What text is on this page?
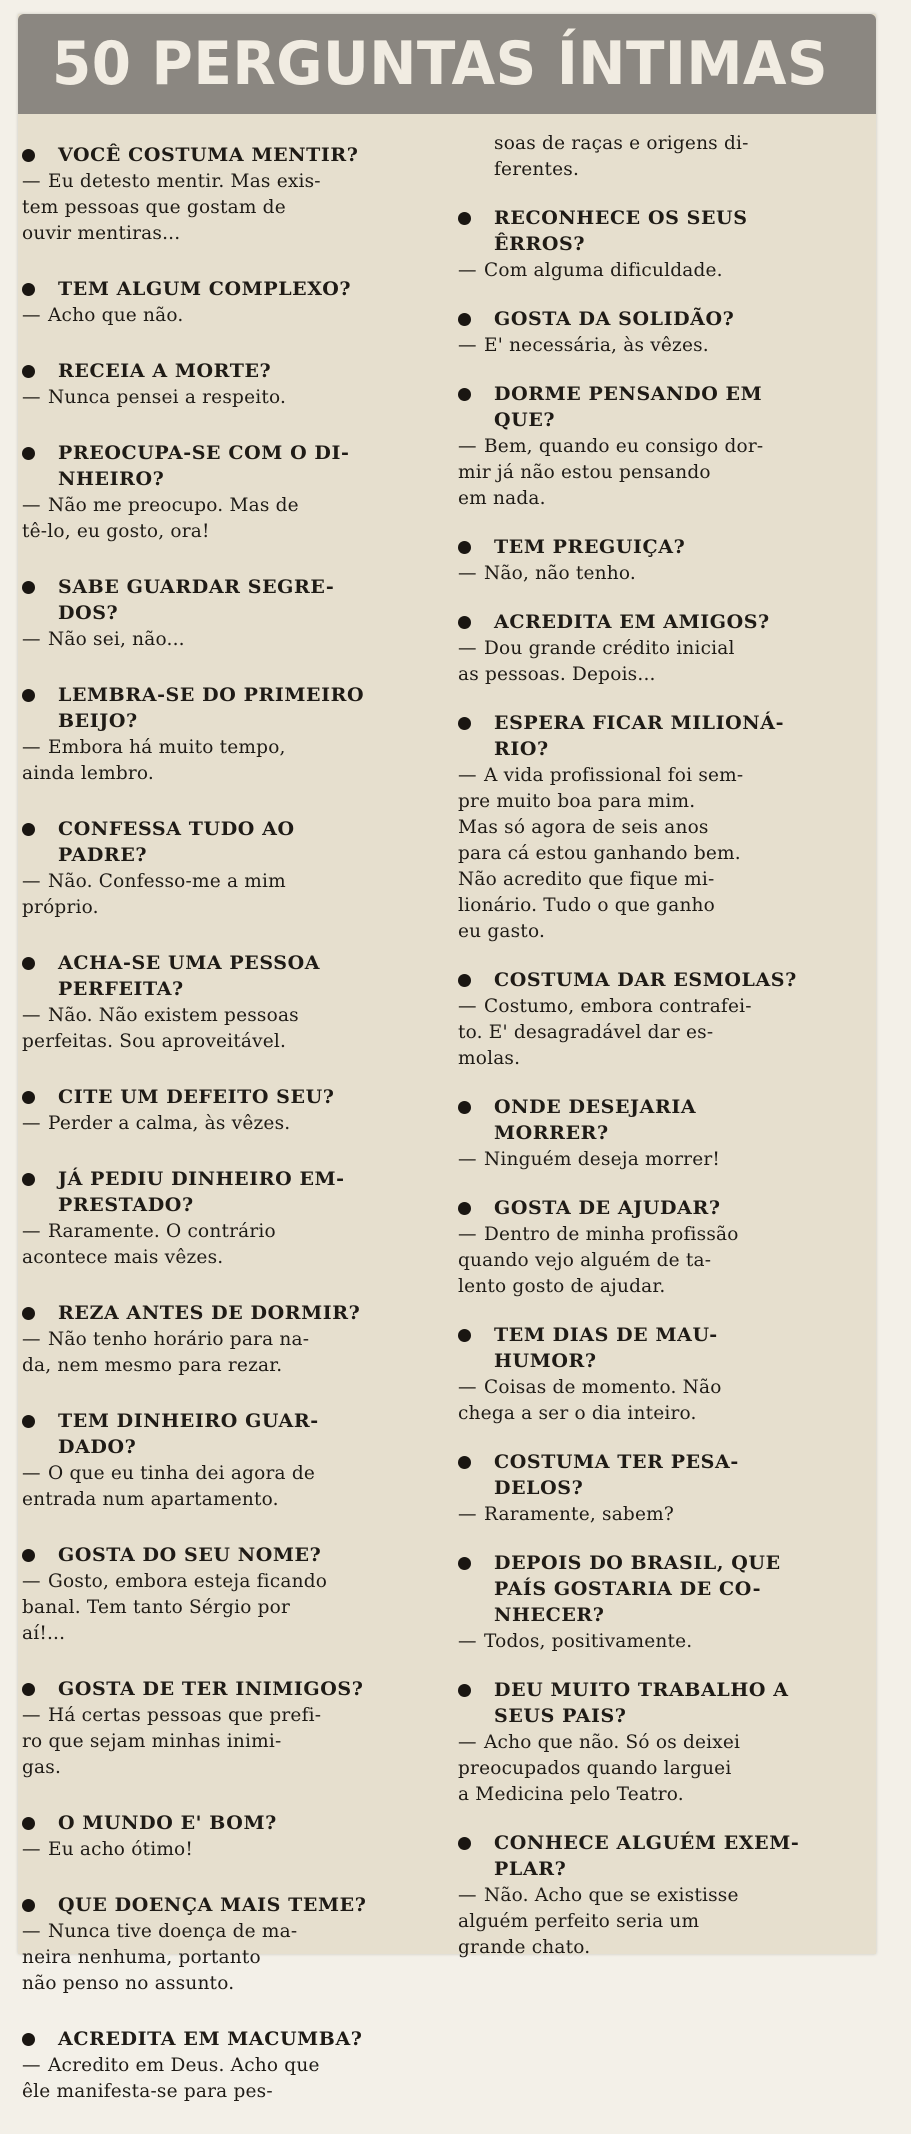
50 PERGUNTAS ÍNTIMAS
VOCÊ COSTUMA MENTIR?
— Eu detesto mentir. Mas exis-
tem pessoas que gostam de
ouvir mentiras...
TEM ALGUM COMPLEXO?
— Acho que não.
RECEIA A MORTE?
— Nunca pensei a respeito.
PREOCUPA-SE COM O DI-
NHEIRO?
— Não me preocupo. Mas de
tê-lo, eu gosto, ora!
SABE GUARDAR SEGRE-
DOS?
— Não sei, não...
LEMBRA-SE DO PRIMEIRO
BEIJO?
— Embora há muito tempo,
ainda lembro.
CONFESSA TUDO AO
PADRE?
— Não. Confesso-me a mim
próprio.
ACHA-SE UMA PESSOA
PERFEITA?
— Não. Não existem pessoas
perfeitas. Sou aproveitável.
CITE UM DEFEITO SEU?
— Perder a calma, às vêzes.
JÁ PEDIU DINHEIRO EM-
PRESTADO?
— Raramente. O contrário
acontece mais vêzes.
REZA ANTES DE DORMIR?
— Não tenho horário para na-
da, nem mesmo para rezar.
TEM DINHEIRO GUAR-
DADO?
— O que eu tinha dei agora de
entrada num apartamento.
GOSTA DO SEU NOME?
— Gosto, embora esteja ficando
banal. Tem tanto Sérgio por
aí!...
GOSTA DE TER INIMIGOS?
— Há certas pessoas que prefi-
ro que sejam minhas inimi-
gas.
O MUNDO E' BOM?
— Eu acho ótimo!
QUE DOENÇA MAIS TEME?
— Nunca tive doença de ma-
neira nenhuma, portanto
não penso no assunto.
ACREDITA EM MACUMBA?
— Acredito em Deus. Acho que
êle manifesta-se para pes-
soas de raças e origens di-
ferentes.
RECONHECE OS SEUS
ÊRROS?
— Com alguma dificuldade.
GOSTA DA SOLIDÃO?
— E' necessária, às vêzes.
DORME PENSANDO EM
QUE?
— Bem, quando eu consigo dor-
mir já não estou pensando
em nada.
TEM PREGUIÇA?
— Não, não tenho.
ACREDITA EM AMIGOS?
— Dou grande crédito inicial
as pessoas. Depois...
ESPERA FICAR MILIONÁ-
RIO?
— A vida profissional foi sem-
pre muito boa para mim.
Mas só agora de seis anos
para cá estou ganhando bem.
Não acredito que fique mi-
lionário. Tudo o que ganho
eu gasto.
COSTUMA DAR ESMOLAS?
— Costumo, embora contrafei-
to. E' desagradável dar es-
molas.
ONDE DESEJARIA
MORRER?
— Ninguém deseja morrer!
GOSTA DE AJUDAR?
— Dentro de minha profissão
quando vejo alguém de ta-
lento gosto de ajudar.
TEM DIAS DE MAU-
HUMOR?
— Coisas de momento. Não
chega a ser o dia inteiro.
COSTUMA TER PESA-
DELOS?
— Raramente, sabem?
DEPOIS DO BRASIL, QUE
PAÍS GOSTARIA DE CO-
NHECER?
— Todos, positivamente.
DEU MUITO TRABALHO A
SEUS PAIS?
— Acho que não. Só os deixei
preocupados quando larguei
a Medicina pelo Teatro.
CONHECE ALGUÉM EXEM-
PLAR?
— Não. Acho que se existisse
alguém perfeito seria um
grande chato.
